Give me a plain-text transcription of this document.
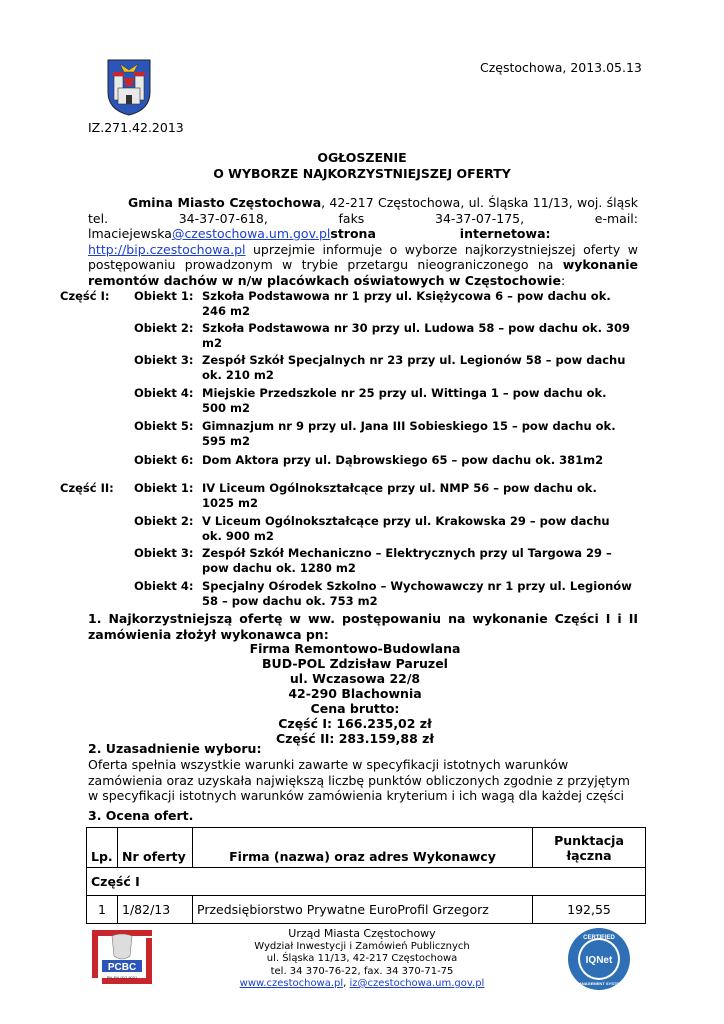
Częstochowa, 2013.05.13
IZ.271.42.2013
OGŁOSZENIE
O WYBORZE NAJKORZYSTNIEJSZEJ OFERTY
Gmina Miasto Częstochowa, 42-217 Częstochowa, ul. Śląska 11/13, woj. śląsk tel. 34-37-07-618, faks 34-37-07-175, e-mail: lmaciejewska@czestochowa.um.gov.plstrona internetowa:   http://bip.czestochowa.pl uprzejmie informuje o wyborze najkorzystniejszej oferty w postępowaniu prowadzonym w trybie przetargu nieograniczonego na wykonanie remontów dachów w n/w placówkach oświatowych w Częstochowie:
Część I: Obiekt 1: Szkoła Podstawowa nr 1 przy ul. Księżycowa 6 – pow dachu ok. 246 m2
Obiekt 2: Szkoła Podstawowa nr 30 przy ul. Ludowa 58 – pow dachu ok. 309 m2
Obiekt 3: Zespół Szkół Specjalnych nr 23 przy ul. Legionów 58 – pow dachu ok. 210 m2
Obiekt 4: Miejskie Przedszkole nr 25 przy ul. Wittinga 1 – pow dachu ok. 500 m2
Obiekt 5: Gimnazjum nr 9 przy ul. Jana III Sobieskiego 15 – pow dachu ok. 595 m2
Obiekt 6: Dom Aktora przy ul. Dąbrowskiego 65 – pow dachu ok. 381m2
Część II: Obiekt 1: IV Liceum Ogólnokształcące przy ul. NMP 56 – pow dachu ok. 1025 m2
Obiekt 2: V Liceum Ogólnokształcące przy ul. Krakowska 29 – pow dachu ok. 900 m2
Obiekt 3: Zespół Szkół Mechaniczno – Elektrycznych przy ul Targowa 29 – pow dachu ok. 1280 m2
Obiekt 4: Specjalny Ośrodek Szkolno – Wychowawczy nr 1 przy ul. Legionów 58 – pow dachu ok. 753 m2
1. Najkorzystniejszą ofertę w ww. postępowaniu na wykonanie Części I i II zamówienia złożył wykonawca pn:
Firma Remontowo-Budowlana
BUD-POL Zdzisław Paruzel
ul. Wczasowa 22/8
42-290 Blachownia
Cena brutto:
Część I: 166.235,02 zł
Część II: 283.159,88 zł
2. Uzasadnienie wyboru:
Oferta spełnia wszystkie warunki zawarte w specyfikacji istotnych warunków zamówienia oraz uzyskała największą liczbę punktów obliczonych zgodnie z przyjętym w specyfikacji istotnych warunków zamówienia kryterium i ich wagą dla każdej części
3. Ocena ofert.
Lp.	Nr oferty	Firma (nazwa) oraz adres Wykonawcy	Punktacja łączna
Część I			
1	1/82/13	Przedsiębiorstwo Prywatne EuroProfil Grzegorz	192,55
PCBC
PN-EN ISO 9001
Urząd Miasta Częstochowy
Wydział Inwestycji i Zamówień Publicznych
ul. Śląska 11/13, 42-217 Częstochowa
tel. 34 370-76-22, fax. 34 370-71-75
www.czestochowa.pl, iz@czestochowa.um.gov.pl
CERTIFIED
IQNet
MANAGEMENT SYSTEM
